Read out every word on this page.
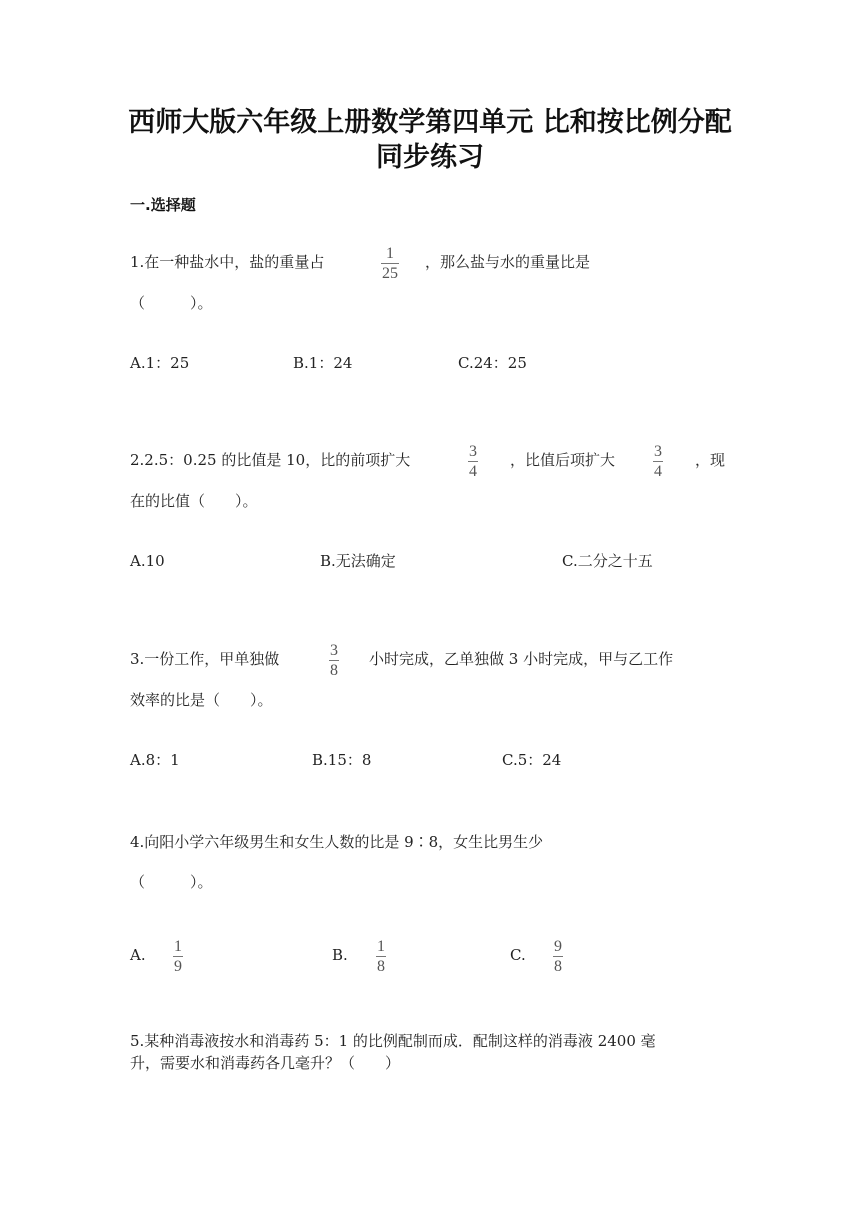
西师大版六年级上册数学第四单元 比和按比例分配
同步练习
一.选择题
1.在一种盐水中，盐的重量占	1
25
，那么盐与水的重量比是
（　　　）。
A.1：25	B.1：24	C.24：25
2.2.5：0.25 的比值是 10，比的前项扩大	3
4
，比值后项扩大 3
4
，现
在的比值（　　）。
A.10	B.无法确定	C.二分之十五
3.一份工作，甲单独做	3
8
小时完成，乙单独做 3 小时完成，甲与乙工作
效率的比是（　　）。
A.8：1	B.15：8	C.5：24
4.向阳小学六年级男生和女生人数的比是 9∶8，女生比男生少
（　　　）。
A. 1
9
B. 1
8
C. 9
8
5.某种消毒液按水和消毒药 5：1 的比例配制而成．配制这样的消毒液 2400 毫
升，需要水和消毒药各几毫升？（　　）
